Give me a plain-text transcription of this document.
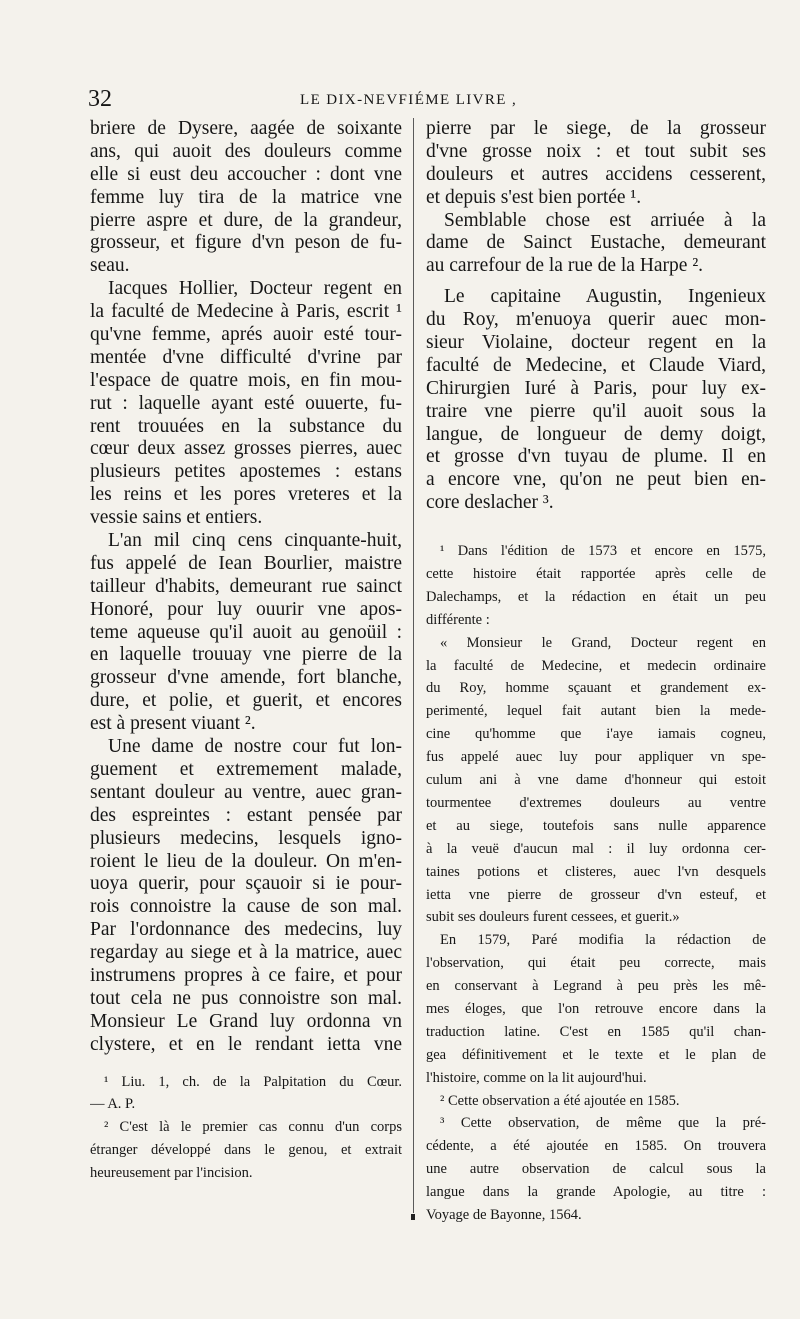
32	LE DIX-NEVFIÉME LIVRE ,
briere de Dysere, aagée de soixante
ans, qui auoit des douleurs comme
elle si eust deu accoucher : dont vne
femme luy tira de la matrice vne
pierre aspre et dure, de la grandeur,
grosseur, et figure d'vn peson de fu-
seau.
Iacques Hollier, Docteur regent en
la faculté de Medecine à Paris, escrit ¹
qu'vne femme, aprés auoir esté tour-
mentée d'vne difficulté d'vrine par
l'espace de quatre mois, en fin mou-
rut : laquelle ayant esté ouuerte, fu-
rent trouuées en la substance du
cœur deux assez grosses pierres, auec
plusieurs petites apostemes : estans
les reins et les pores vreteres et la
vessie sains et entiers.
L'an mil cinq cens cinquante-huit,
fus appelé de Iean Bourlier, maistre
tailleur d'habits, demeurant rue sainct
Honoré, pour luy ouurir vne apos-
teme aqueuse qu'il auoit au genoüil :
en laquelle trouuay vne pierre de la
grosseur d'vne amende, fort blanche,
dure, et polie, et guerit, et encores
est à present viuant ².
Une dame de nostre cour fut lon-
guement et extremement malade,
sentant douleur au ventre, auec gran-
des espreintes : estant pensée par
plusieurs medecins, lesquels igno-
roient le lieu de la douleur. On m'en-
uoya querir, pour sçauoir si ie pour-
rois connoistre la cause de son mal.
Par l'ordonnance des medecins, luy
regarday au siege et à la matrice, auec
instrumens propres à ce faire, et pour
tout cela ne pus connoistre son mal.
Monsieur Le Grand luy ordonna vn
clystere, et en le rendant ietta vne
¹ Liu. 1, ch. de la Palpitation du Cœur.
— A. P.
² C'est là le premier cas connu d'un corps
étranger développé dans le genou, et extrait
heureusement par l'incision.
pierre par le siege, de la grosseur
d'vne grosse noix : et tout subit ses
douleurs et autres accidens cesserent,
et depuis s'est bien portée ¹.
Semblable chose est arriuée à la
dame de Sainct Eustache, demeurant
au carrefour de la rue de la Harpe ².
Le capitaine Augustin, Ingenieux
du Roy, m'enuoya querir auec mon-
sieur Violaine, docteur regent en la
faculté de Medecine, et Claude Viard,
Chirurgien Iuré à Paris, pour luy ex-
traire vne pierre qu'il auoit sous la
langue, de longueur de demy doigt,
et grosse d'vn tuyau de plume. Il en
a encore vne, qu'on ne peut bien en-
core deslacher ³.
¹ Dans l'édition de 1573 et encore en 1575,
cette histoire était rapportée après celle de
Dalechamps, et la rédaction en était un peu
différente :
« Monsieur le Grand, Docteur regent en
la faculté de Medecine, et medecin ordinaire
du Roy, homme sçauant et grandement ex-
perimenté, lequel fait autant bien la mede-
cine qu'homme que i'aye iamais cogneu,
fus appelé auec luy pour appliquer vn spe-
culum ani à vne dame d'honneur qui estoit
tourmentee d'extremes douleurs au ventre
et au siege, toutefois sans nulle apparence
à la veuë d'aucun mal : il luy ordonna cer-
taines potions et clisteres, auec l'vn desquels
ietta vne pierre de grosseur d'vn esteuf, et
subit ses douleurs furent cessees, et guerit.»
En 1579, Paré modifia la rédaction de
l'observation, qui était peu correcte, mais
en conservant à Legrand à peu près les mê-
mes éloges, que l'on retrouve encore dans la
traduction latine. C'est en 1585 qu'il chan-
gea définitivement et le texte et le plan de
l'histoire, comme on la lit aujourd'hui.
² Cette observation a été ajoutée en 1585.
³ Cette observation, de même que la pré-
cédente, a été ajoutée en 1585. On trouvera
une autre observation de calcul sous la
langue dans la grande Apologie, au titre :
Voyage de Bayonne, 1564.
